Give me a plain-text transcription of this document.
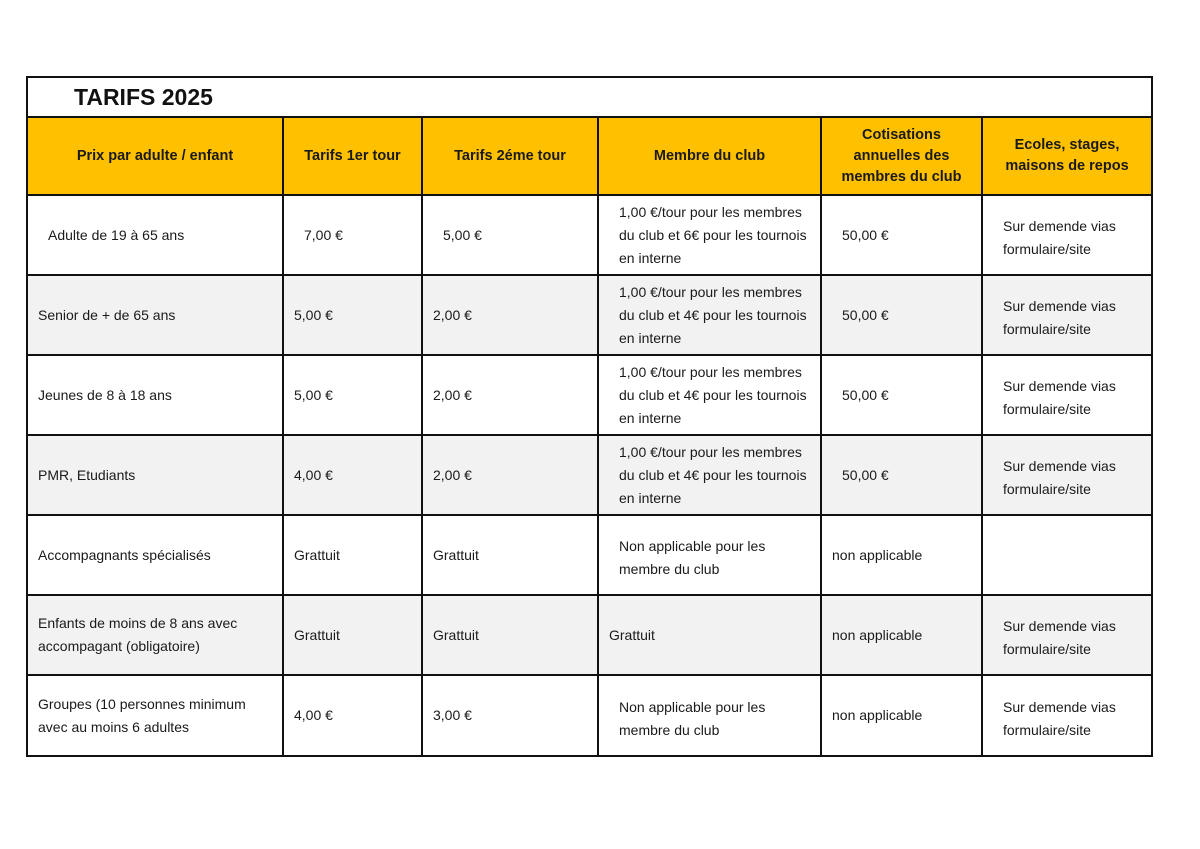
TARIFS 2025
Prix par adulte / enfant	Tarifs 1er tour	Tarifs 2éme tour	Membre du club	Cotisations annuelles des membres du club	Ecoles, stages, maisons de repos
Adulte de 19 à 65 ans	7,00 €	5,00 €	1,00 €/tour pour les membres du club et 6€ pour les tournois en interne	50,00 €	Sur demende vias formulaire/site
Senior de + de 65 ans	5,00 €	2,00 €	1,00 €/tour pour les membres du club et 4€ pour les tournois en interne	50,00 €	Sur demende vias formulaire/site
Jeunes de 8 à 18 ans	5,00 €	2,00 €	1,00 €/tour pour les membres du club et 4€ pour les tournois en interne	50,00 €	Sur demende vias formulaire/site
PMR, Etudiants	4,00 €	2,00 €	1,00 €/tour pour les membres du club et 4€ pour les tournois en interne	50,00 €	Sur demende vias formulaire/site
Accompagnants spécialisés	Grattuit	Grattuit	Non applicable pour les membre du club	non applicable	
Enfants de moins de 8 ans avec accompagant (obligatoire)	Grattuit	Grattuit	Grattuit	non applicable	Sur demende vias formulaire/site
Groupes (10 personnes minimum avec au moins 6 adultes	4,00 €	3,00 €	Non applicable pour les membre du club	non applicable	Sur demende vias formulaire/site
